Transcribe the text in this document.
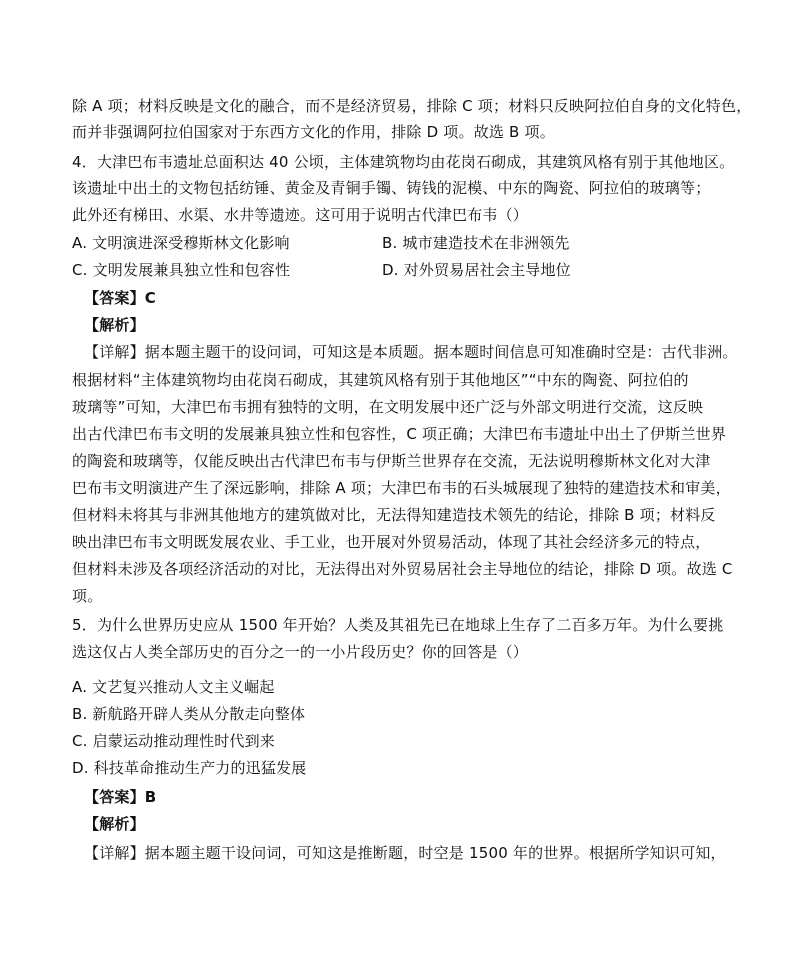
除 A 项；材料反映是文化的融合，而不是经济贸易，排除 C 项；材料只反映阿拉伯自身的文化特色，
而并非强调阿拉伯国家对于东西方文化的作用，排除 D 项。故选 B 项。
4．大津巴布韦遗址总面积达 40 公顷，主体建筑物均由花岗石砌成，其建筑风格有别于其他地区。
该遗址中出土的文物包括纺锤、黄金及青铜手镯、铸钱的泥模、中东的陶瓷、阿拉伯的玻璃等；
此外还有梯田、水渠、水井等遗迹。这可用于说明古代津巴布韦（）
A. 文明演进深受穆斯林文化影响	B. 城市建造技术在非洲领先
C. 文明发展兼具独立性和包容性	D. 对外贸易居社会主导地位
【答案】C
【解析】
【详解】据本题主题干的设问词，可知这是本质题。据本题时间信息可知准确时空是：古代非洲。
根据材料“主体建筑物均由花岗石砌成，其建筑风格有别于其他地区”“中东的陶瓷、阿拉伯的
玻璃等”可知，大津巴布韦拥有独特的文明，在文明发展中还广泛与外部文明进行交流，这反映
出古代津巴布韦文明的发展兼具独立性和包容性，C 项正确；大津巴布韦遗址中出土了伊斯兰世界
的陶瓷和玻璃等，仅能反映出古代津巴布韦与伊斯兰世界存在交流，无法说明穆斯林文化对大津
巴布韦文明演进产生了深远影响，排除 A 项；大津巴布韦的石头城展现了独特的建造技术和审美，
但材料未将其与非洲其他地方的建筑做对比，无法得知建造技术领先的结论，排除 B 项；材料反
映出津巴布韦文明既发展农业、手工业，也开展对外贸易活动，体现了其社会经济多元的特点，
但材料未涉及各项经济活动的对比，无法得出对外贸易居社会主导地位的结论，排除 D 项。故选 C
项。
5．为什么世界历史应从 1500 年开始？人类及其祖先已在地球上生存了二百多万年。为什么要挑
选这仅占人类全部历史的百分之一的一小片段历史？你的回答是（）
A. 文艺复兴推动人文主义崛起
B. 新航路开辟人类从分散走向整体
C. 启蒙运动推动理性时代到来
D. 科技革命推动生产力的迅猛发展
【答案】B
【解析】
【详解】据本题主题干设问词，可知这是推断题，时空是 1500 年的世界。根据所学知识可知，
